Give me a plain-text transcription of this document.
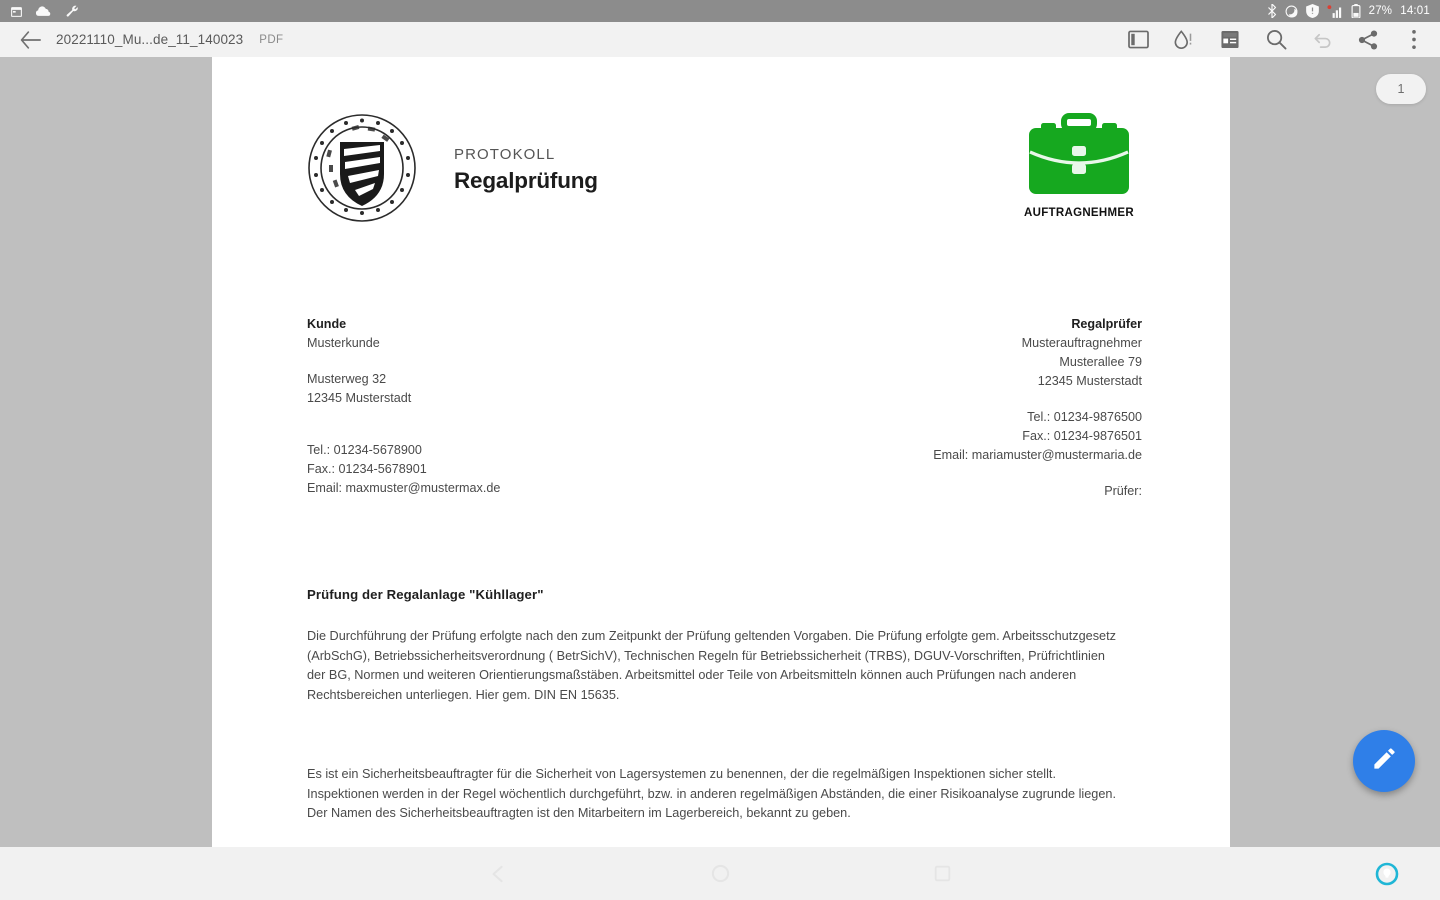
27% 14:01
20221110_Mu...de_11_140023 PDF
PROTOKOLL
Regalprüfung
AUFTRAGNEHMER
Kunde
Musterkunde
Musterweg 32
12345 Musterstadt
Tel.: 01234-5678900
Fax.: 01234-5678901
Email: maxmuster@mustermax.de
Regalprüfer
Musterauftragnehmer
Musterallee 79
12345 Musterstadt
Tel.: 01234-9876500
Fax.: 01234-9876501
Email: mariamuster@mustermaria.de
Prüfer:
Prüfung der Regalanlage "Kühllager"
Die Durchführung der Prüfung erfolgte nach den zum Zeitpunkt der Prüfung geltenden Vorgaben. Die Prüfung erfolgte gem. Arbeitsschutzgesetz (ArbSchG), Betriebssicherheitsverordnung ( BetrSichV), Technischen Regeln für Betriebssicherheit (TRBS), DGUV-Vorschriften, Prüfrichtlinien der BG, Normen und weiteren Orientierungsmaßstäben. Arbeitsmittel oder Teile von Arbeitsmitteln können auch Prüfungen nach anderen Rechtsbereichen unterliegen. Hier gem. DIN EN 15635.
Es ist ein Sicherheitsbeauftragter für die Sicherheit von Lagersystemen zu benennen, der die regelmäßigen Inspektionen sicher stellt. Inspektionen werden in der Regel wöchentlich durchgeführt, bzw. in anderen regelmäßigen Abständen, die einer Risikoanalyse zugrunde liegen. Der Namen des Sicherheitsbeauftragten ist den Mitarbeitern im Lagerbereich, bekannt zu geben.
1
